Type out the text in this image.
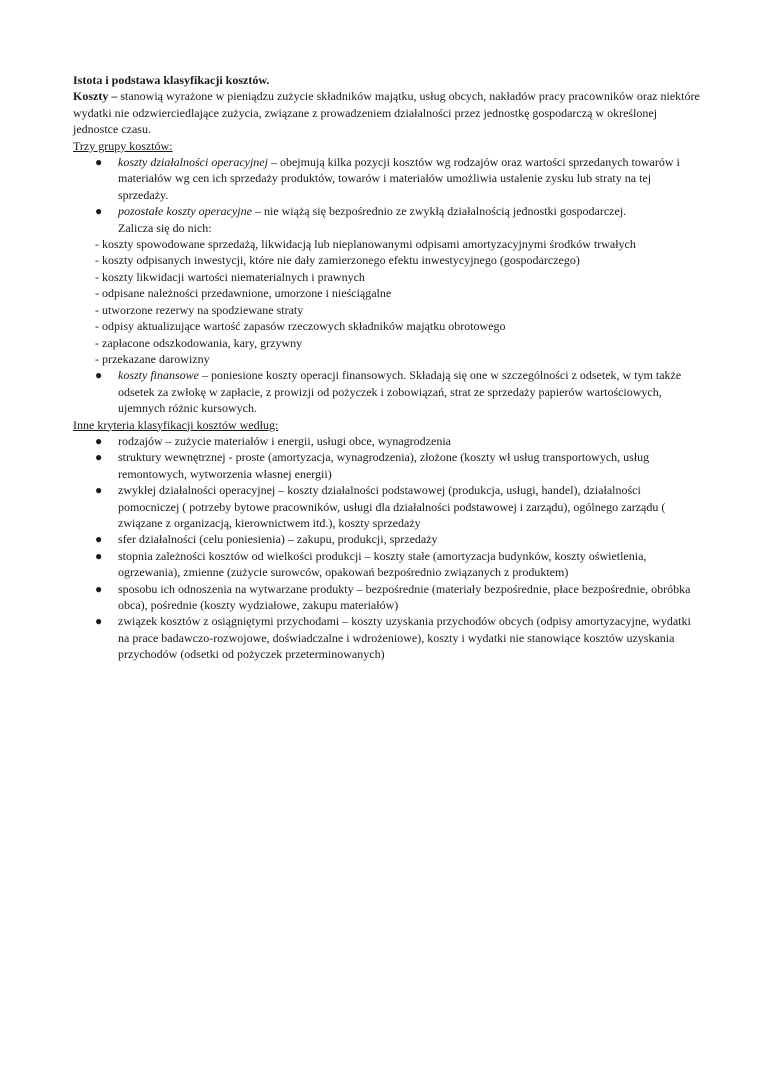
Istota i podstawa klasyfikacji kosztów.

Koszty – stanowią wyrażone w pieniądzu zużycie składników majątku, usług obcych, nakładów pracy pracowników oraz niektóre wydatki nie odzwierciedlające zużycia, związane z prowadzeniem działalności przez jednostkę gospodarczą w określonej jednostce czasu.

Trzy grupy kosztów:

● koszty działalności operacyjnej – obejmują kilka pozycji kosztów wg rodzajów oraz wartości sprzedanych towarów i materiałów wg cen ich sprzedaży produktów, towarów i materiałów umożliwia ustalenie zysku lub straty na tej sprzedaży.
● pozostałe koszty operacyjne – nie wiążą się bezpośrednio ze zwykłą działalnością jednostki gospodarczej.

Zalicza się do nich:

- koszty spowodowane sprzedażą, likwidacją lub nieplanowanymi odpisami amortyzacyjnymi środków trwałych

- koszty odpisanych inwestycji, które nie dały zamierzonego efektu inwestycyjnego (gospodarczego)

- koszty likwidacji wartości niematerialnych i prawnych

- odpisane należności przedawnione, umorzone i nieściągalne

- utworzone rezerwy na spodziewane straty

- odpisy aktualizujące wartość zapasów rzeczowych składników majątku obrotowego

- zapłacone odszkodowania, kary, grzywny

- przekazane darowizny

● koszty finansowe – poniesione koszty operacji finansowych. Składają się one w szczególności z odsetek, w tym także odsetek za zwłokę w zapłacie, z prowizji od pożyczek i zobowiązań, strat ze sprzedaży papierów wartościowych, ujemnych różnic kursowych.

Inne kryteria klasyfikacji kosztów według:

● rodzajów – zużycie materiałów i energii, usługi obce, wynagrodzenia
● struktury wewnętrznej - proste (amortyzacja, wynagrodzenia), złożone (koszty wł usług transportowych, usług remontowych, wytworzenia własnej energii)
● zwykłej działalności operacyjnej – koszty działalności podstawowej (produkcja, usługi, handel), działalności pomocniczej ( potrzeby bytowe pracowników, usługi dla działalności podstawowej i zarządu), ogólnego zarządu ( związane z organizacją, kierownictwem itd.), koszty sprzedaży
● sfer działalności (celu poniesienia) – zakupu, produkcji, sprzedaży
● stopnia zależności kosztów od wielkości produkcji – koszty stałe (amortyzacja budynków, koszty oświetlenia, ogrzewania), zmienne (zużycie surowców, opakowań bezpośrednio związanych z produktem)
● sposobu ich odnoszenia na wytwarzane produkty – bezpośrednie (materiały bezpośrednie, płace bezpośrednie, obróbka obca), pośrednie (koszty wydziałowe, zakupu materiałów)
● związek kosztów z osiągniętymi przychodami – koszty uzyskania przychodów obcych (odpisy amortyzacyjne, wydatki na prace badawczo-rozwojowe, doświadczalne i wdrożeniowe), koszty i wydatki nie stanowiące kosztów uzyskania przychodów (odsetki od pożyczek przeterminowanych)
